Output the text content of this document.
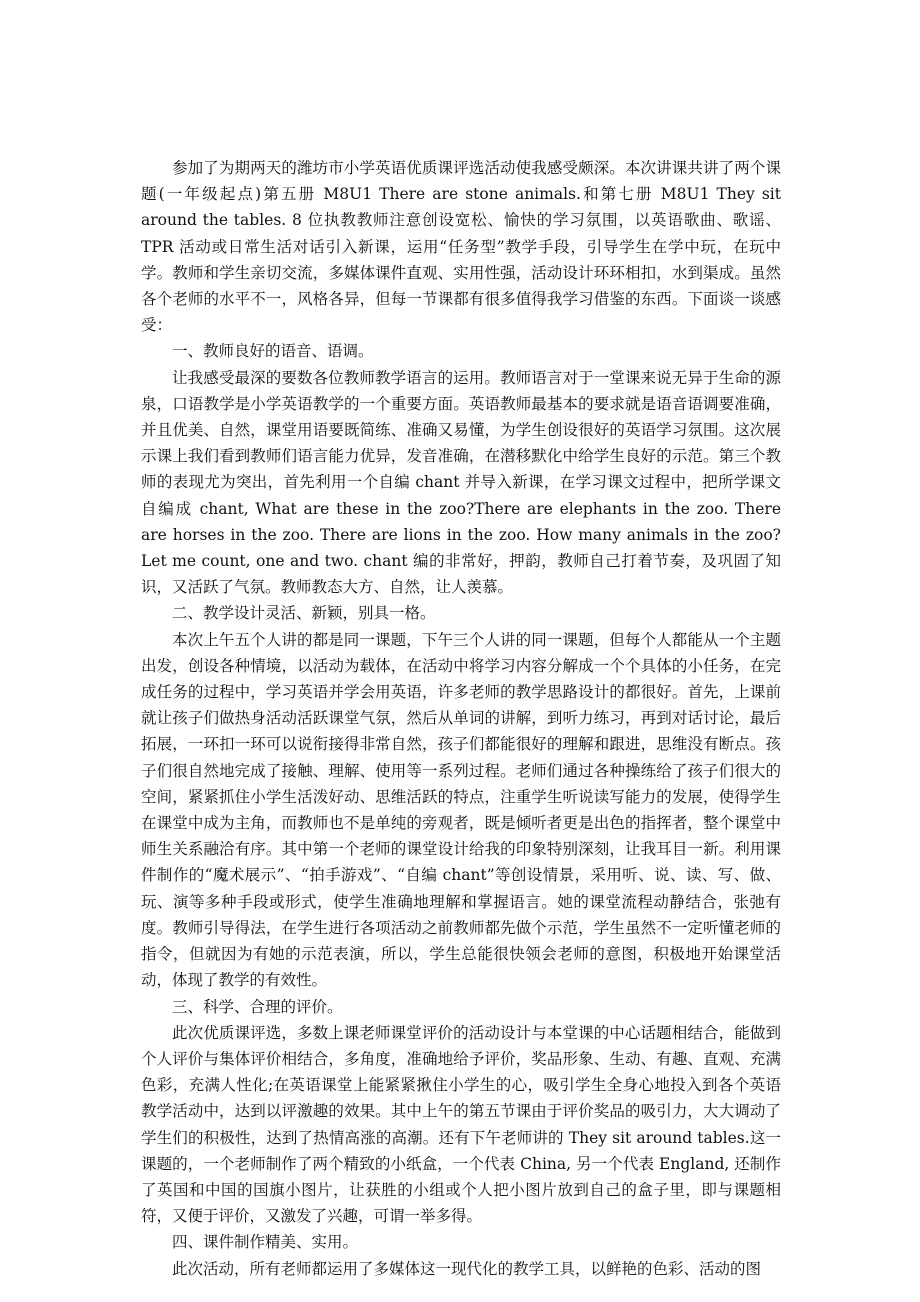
参加了为期两天的潍坊市小学英语优质课评选活动使我感受颇深。本次讲课共讲了两个课题(一年级起点)第五册 M8U1 There are stone animals.和第七册 M8U1 They sit around the tables. 8 位执教教师注意创设宽松、愉快的学习氛围，以英语歌曲、歌谣、TPR 活动或日常生活对话引入新课，运用“任务型”教学手段，引导学生在学中玩，在玩中学。教师和学生亲切交流，多媒体课件直观、实用性强，活动设计环环相扣，水到渠成。虽然各个老师的水平不一，风格各异，但每一节课都有很多值得我学习借鉴的东西。下面谈一谈感受：

一、教师良好的语音、语调。

让我感受最深的要数各位教师教学语言的运用。教师语言对于一堂课来说无异于生命的源泉，口语教学是小学英语教学的一个重要方面。英语教师最基本的要求就是语音语调要准确，并且优美、自然，课堂用语要既简练、准确又易懂，为学生创设很好的英语学习氛围。这次展示课上我们看到教师们语言能力优异，发音准确，在潜移默化中给学生良好的示范。第三个教师的表现尤为突出，首先利用一个自编 chant 并导入新课，在学习课文过程中，把所学课文自编成 chant, What are these in the zoo?There are elephants in the zoo. There are horses in the zoo. There are lions in the zoo. How many animals in the zoo? Let me count, one and two. chant 编的非常好，押韵，教师自己打着节奏，及巩固了知识，又活跃了气氛。教师教态大方、自然，让人羡慕。

二、教学设计灵活、新颖，别具一格。

本次上午五个人讲的都是同一课题，下午三个人讲的同一课题，但每个人都能从一个主题出发，创设各种情境，以活动为载体，在活动中将学习内容分解成一个个具体的小任务，在完成任务的过程中，学习英语并学会用英语，许多老师的教学思路设计的都很好。首先，上课前就让孩子们做热身活动活跃课堂气氛，然后从单词的讲解，到听力练习，再到对话讨论，最后拓展，一环扣一环可以说衔接得非常自然，孩子们都能很好的理解和跟进，思维没有断点。孩子们很自然地完成了接触、理解、使用等一系列过程。老师们通过各种操练给了孩子们很大的空间，紧紧抓住小学生活泼好动、思维活跃的特点，注重学生听说读写能力的发展，使得学生在课堂中成为主角，而教师也不是单纯的旁观者，既是倾听者更是出色的指挥者，整个课堂中师生关系融洽有序。其中第一个老师的课堂设计给我的印象特别深刻，让我耳目一新。利用课件制作的“魔术展示”、“拍手游戏”、“自编 chant”等创设情景，采用听、说、读、写、做、玩、演等多种手段或形式，使学生准确地理解和掌握语言。她的课堂流程动静结合，张弛有度。教师引导得法，在学生进行各项活动之前教师都先做个示范，学生虽然不一定听懂老师的指令，但就因为有她的示范表演，所以，学生总能很快领会老师的意图，积极地开始课堂活动，体现了教学的有效性。

三、科学、合理的评价。

此次优质课评选，多数上课老师课堂评价的活动设计与本堂课的中心话题相结合，能做到个人评价与集体评价相结合，多角度，准确地给予评价，奖品形象、生动、有趣、直观、充满色彩，充满人性化;在英语课堂上能紧紧揪住小学生的心，吸引学生全身心地投入到各个英语教学活动中，达到以评激趣的效果。其中上午的第五节课由于评价奖品的吸引力，大大调动了学生们的积极性，达到了热情高涨的高潮。还有下午老师讲的 They sit around tables.这一课题的，一个老师制作了两个精致的小纸盒，一个代表 China, 另一个代表 England, 还制作了英国和中国的国旗小图片，让获胜的小组或个人把小图片放到自己的盒子里，即与课题相符，又便于评价，又激发了兴趣，可谓一举多得。

四、课件制作精美、实用。

此次活动，所有老师都运用了多媒体这一现代化的教学工具，以鲜艳的色彩、活动的图
